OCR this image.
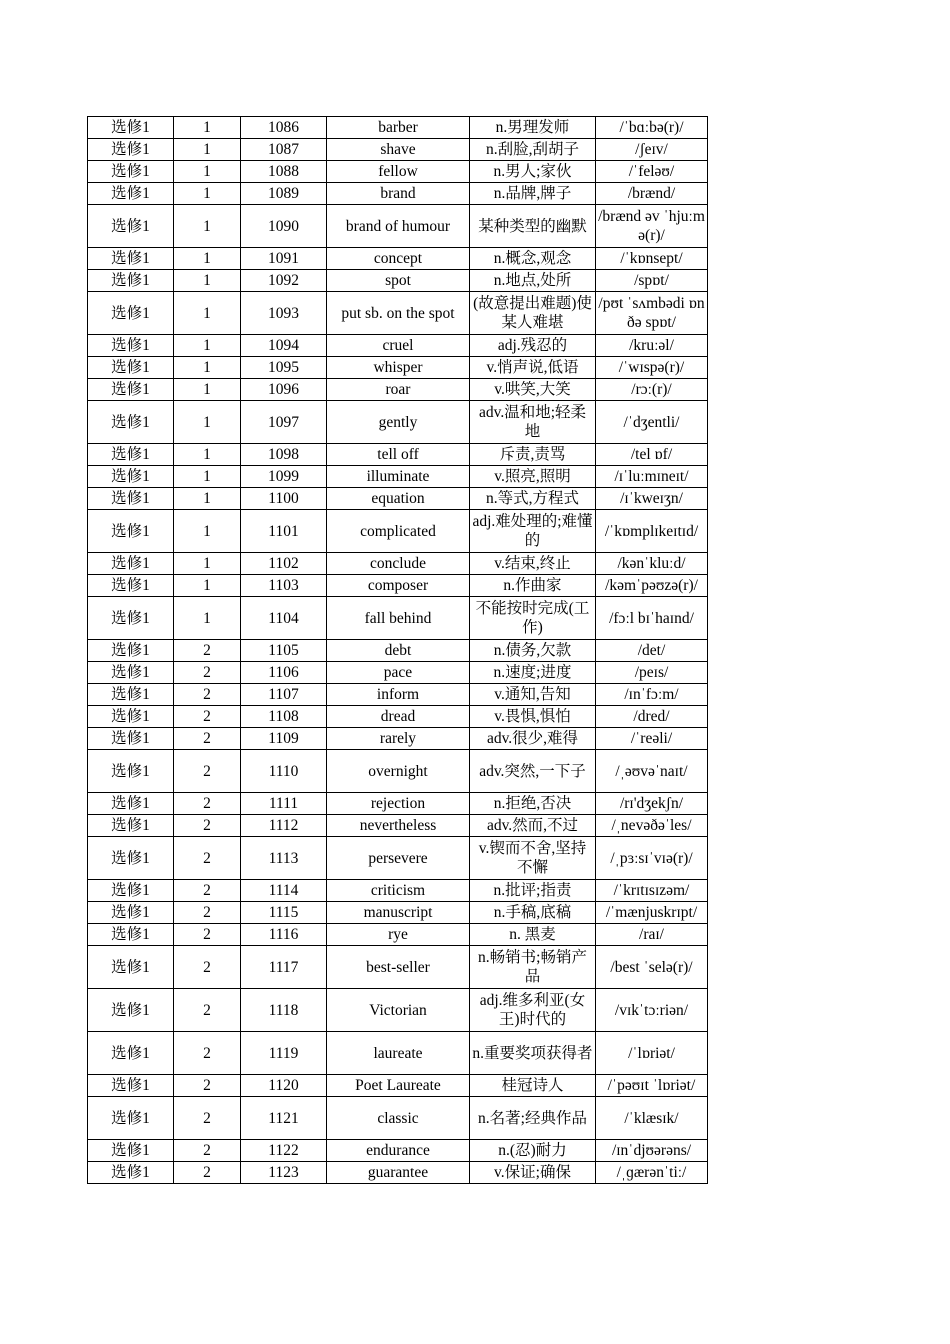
选修1	1	1086	barber	n.男理发师	/ˈbɑːbə(r)/
选修1	1	1087	shave	n.刮脸,刮胡子	/ʃeɪv/
选修1	1	1088	fellow	n.男人;家伙	/ˈfeləʊ/
选修1	1	1089	brand	n.品牌,牌子	/brænd/
选修1	1	1090	brand of humour	某种类型的幽默	/brænd əv ˈhjuːmə(r)/
选修1	1	1091	concept	n.概念,观念	/ˈkɒnsept/
选修1	1	1092	spot	n.地点,处所	/spɒt/
选修1	1	1093	put sb. on the spot	(故意提出难题)使某人难堪	/pʊt ˈsʌmbədi ɒn ðə spɒt/
选修1	1	1094	cruel	adj.残忍的	/kruːəl/
选修1	1	1095	whisper	v.悄声说,低语	/ˈwɪspə(r)/
选修1	1	1096	roar	v.哄笑,大笑	/rɔː(r)/
选修1	1	1097	gently	adv.温和地;轻柔地	/ˈdʒentli/
选修1	1	1098	tell off	斥责,责骂	/tel ɒf/
选修1	1	1099	illuminate	v.照亮,照明	/ɪˈluːmɪneɪt/
选修1	1	1100	equation	n.等式,方程式	/ɪˈkweɪʒn/
选修1	1	1101	complicated	adj.难处理的;难懂的	/ˈkɒmplɪkeɪtɪd/
选修1	1	1102	conclude	v.结束,终止	/kənˈkluːd/
选修1	1	1103	composer	n.作曲家	/kəmˈpəʊzə(r)/
选修1	1	1104	fall behind	不能按时完成(工作)	/fɔːl bɪˈhaɪnd/
选修1	2	1105	debt	n.债务,欠款	/det/
选修1	2	1106	pace	n.速度;进度	/peɪs/
选修1	2	1107	inform	v.通知,告知	/ɪnˈfɔːm/
选修1	2	1108	dread	v.畏惧,惧怕	/dred/
选修1	2	1109	rarely	adv.很少,难得	/ˈreəli/
选修1	2	1110	overnight	adv.突然,一下子	/ˌəʊvəˈnaɪt/
选修1	2	1111	rejection	n.拒绝,否决	/rɪ'dʒekʃn/
选修1	2	1112	nevertheless	adv.然而,不过	/ˌnevəðəˈles/
选修1	2	1113	persevere	v.锲而不舍,坚持不懈	/ˌpɜːsɪˈvɪə(r)/
选修1	2	1114	criticism	n.批评;指责	/ˈkrɪtɪsɪzəm/
选修1	2	1115	manuscript	n.手稿,底稿	/ˈmænjuskrɪpt/
选修1	2	1116	rye	n. 黑麦	/raɪ/
选修1	2	1117	best-seller	n.畅销书;畅销产品	/best ˈselə(r)/
选修1	2	1118	Victorian	adj.维多利亚(女王)时代的	/vɪkˈtɔːriən/
选修1	2	1119	laureate	n.重要奖项获得者	/ˈlɒriət/
选修1	2	1120	Poet Laureate	桂冠诗人	/ˈpəʊɪt ˈlɒriət/
选修1	2	1121	classic	n.名著;经典作品	/ˈklæsɪk/
选修1	2	1122	endurance	n.(忍)耐力	/ɪnˈdjʊərəns/
选修1	2	1123	guarantee	v.保证;确保	/ˌɡærənˈtiː/
